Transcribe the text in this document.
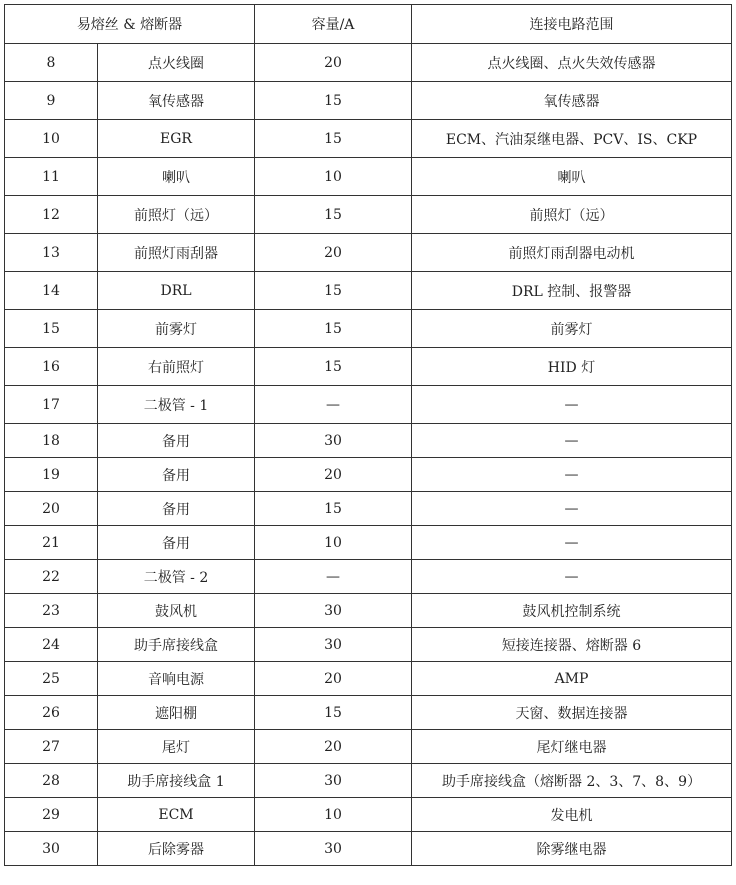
易熔丝 & 熔断器		容量/A	连接电路范围
8	点火线圈	20	点火线圈、点火失效传感器
9	氧传感器	15	氧传感器
10	EGR	15	ECM、汽油泵继电器、PCV、IS、CKP
11	喇叭	10	喇叭
12	前照灯（远）	15	前照灯（远）
13	前照灯雨刮器	20	前照灯雨刮器电动机
14	DRL	15	DRL 控制、报警器
15	前雾灯	15	前雾灯
16	右前照灯	15	HID 灯
17	二极管 - 1	—	—
18	备用	30	—
19	备用	20	—
20	备用	15	—
21	备用	10	—
22	二极管 - 2	—	—
23	鼓风机	30	鼓风机控制系统
24	助手席接线盒	30	短接连接器、熔断器 6
25	音响电源	20	AMP
26	遮阳棚	15	天窗、数据连接器
27	尾灯	20	尾灯继电器
28	助手席接线盒 1	30	助手席接线盒（熔断器 2、3、7、8、9）
29	ECM	10	发电机
30	后除雾器	30	除雾继电器
